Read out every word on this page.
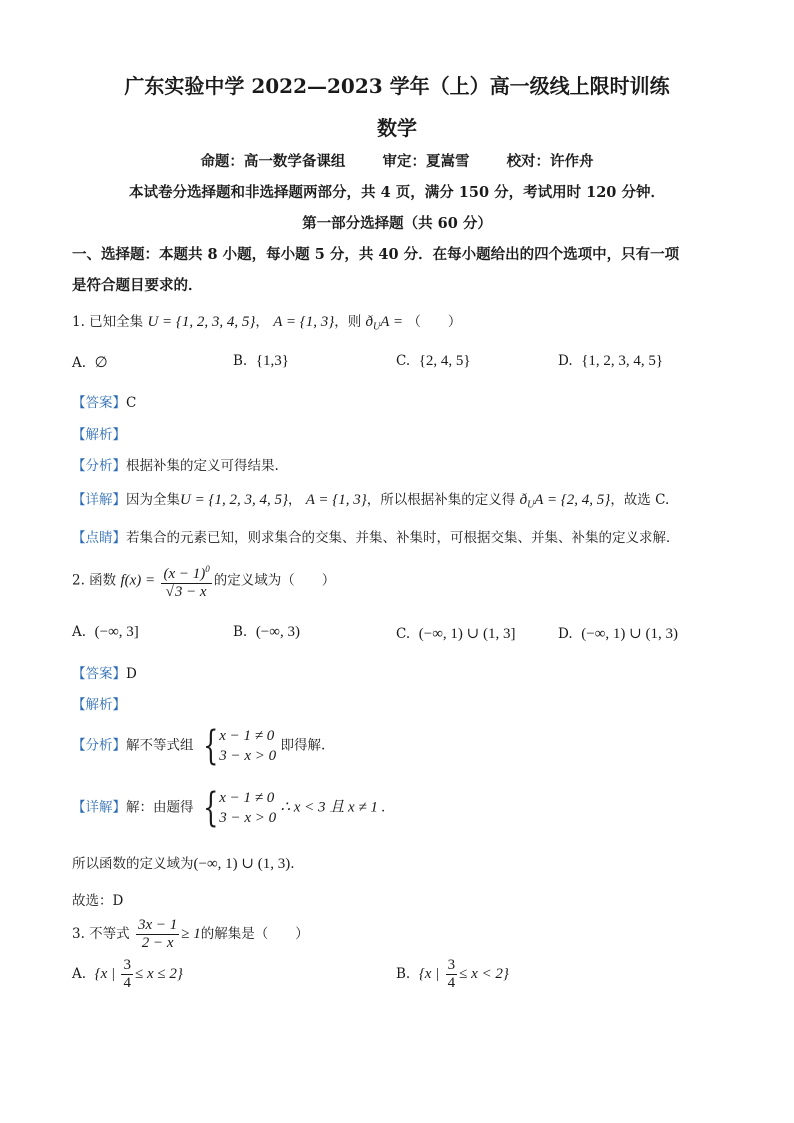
广东实验中学 2022—2023 学年（上）高一级线上限时训练
数学
命题：高一数学备课组	审定：夏嵩雪	校对：许作舟
本试卷分选择题和非选择题两部分，共 4 页，满分 150 分，考试用时 120 分钟．
第一部分选择题（共 60 分）
一、选择题：本题共 8 小题，每小题 5 分，共 40 分．在每小题给出的四个选项中，只有一项
是符合题目要求的．
1. 已知全集 U = {1, 2, 3, 4, 5}， A = {1, 3}，则 $ð_UA$ = （　　）
A. ∅	B. {1,3}	C. {2, 4, 5}	D. {1, 2, 3, 4, 5}
【答案】C
【解析】
【分析】根据补集的定义可得结果.
【详解】因为全集U = {1, 2, 3, 4, 5}， A = {1, 3}，所以根据补集的定义得 $ð_UA = \{2$, 4, 5}，故选 C.
【点睛】若集合的元素已知，则求集合的交集、并集、补集时，可根据交集、并集、补集的定义求解．
2. 函数 $f(x) = \frac{(x - 1)^0}{√3 - x}$ 的定义域为（　　）
A. (−∞, 3]	B. (−∞, 3)	C. (−∞, 1) ∪ (1, 3]	D. (−∞, 1) ∪ (1, 3)
【答案】D
【解析】
【分析】解不等式组 { x − 1 ≠ 0
3 − x > 0
即得解.
【详解】解：由题得 { x − 1 ≠ 0
3 − x > 0
∴ x < 3 且 x ≠ 1 .
所以函数的定义域为(−∞, 1) ∪ (1, 3).
故选：D
3. 不等式 $\frac{3x - 1}{2 - x} \ge 1$的解集是（　　）
A. {x | $\frac{3}{4} \le x \le 2$}	B. {x | $\frac{3}{4} \le x < 2$}
